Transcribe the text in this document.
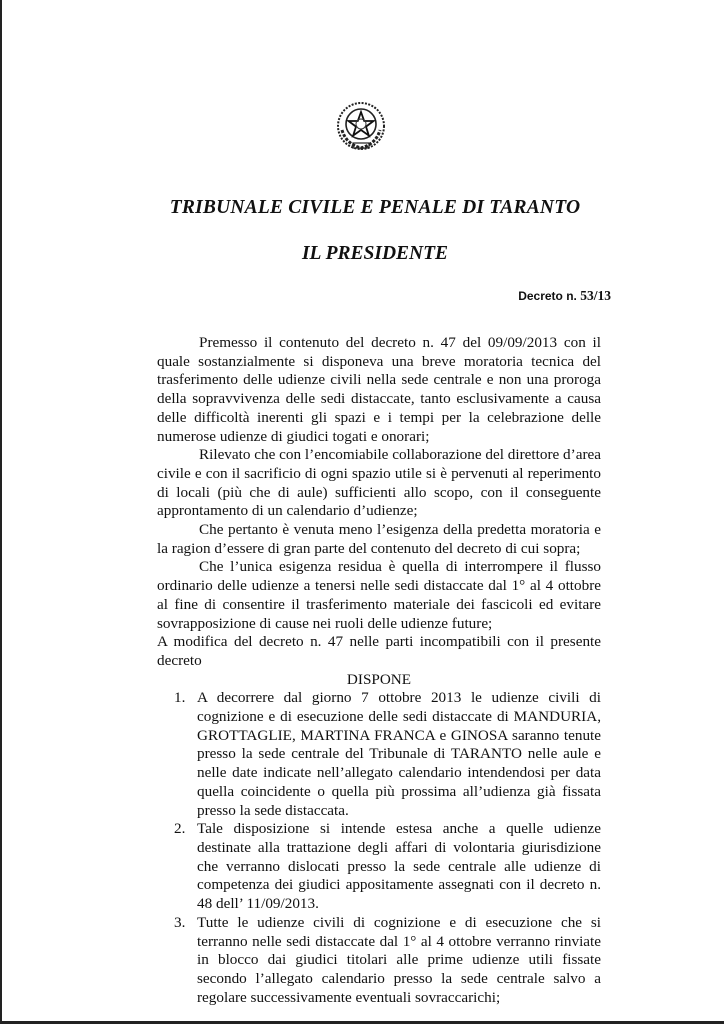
TRIBUNALE CIVILE E PENALE DI TARANTO
IL PRESIDENTE
Decreto n. 53/13

Premesso il contenuto del decreto n. 47 del 09/09/2013 con il quale sostanzialmente si disponeva una breve moratoria tecnica del trasferimento delle udienze civili nella sede centrale e non una proroga della sopravvivenza delle sedi distaccate, tanto esclusivamente a causa delle difficoltà inerenti gli spazi e i tempi per la celebrazione delle numerose udienze di giudici togati e onorari;

Rilevato che con l’encomiabile collaborazione del direttore d’area civile e con il sacrificio di ogni spazio utile si è pervenuti al reperimento di locali (più che di aule) sufficienti allo scopo, con il conseguente approntamento di un calendario d’udienze;

Che pertanto è venuta meno l’esigenza della predetta moratoria e la ragion d’essere di gran parte del contenuto del decreto di cui sopra;

Che l’unica esigenza residua è quella di interrompere il flusso ordinario delle udienze a tenersi nelle sedi distaccate dal 1° al 4 ottobre al fine di consentire il trasferimento materiale dei fascicoli ed evitare sovrapposizione di cause nei ruoli delle udienze future;

A modifica del decreto n. 47 nelle parti incompatibili con il presente decreto

DISPONE

1. A decorrere dal giorno 7 ottobre 2013 le udienze civili di cognizione e di esecuzione delle sedi distaccate di MANDURIA, GROTTAGLIE, MARTINA FRANCA e GINOSA saranno tenute presso la sede centrale del Tribunale di TARANTO nelle aule e nelle date indicate nell’allegato calendario intendendosi per data quella coincidente o quella più prossima all’udienza già fissata presso la sede distaccata.
2. Tale disposizione si intende estesa anche a quelle udienze destinate alla trattazione degli affari di volontaria giurisdizione che verranno dislocati presso la sede centrale alle udienze di competenza dei giudici appositamente assegnati con il decreto n. 48 dell’ 11/09/2013.
3. Tutte le udienze civili di cognizione e di esecuzione che si terranno nelle sedi distaccate dal 1° al 4 ottobre verranno rinviate in blocco dai giudici titolari alle prime udienze utili fissate secondo l’allegato calendario presso la sede centrale salvo a regolare successivamente eventuali sovraccarichi;
